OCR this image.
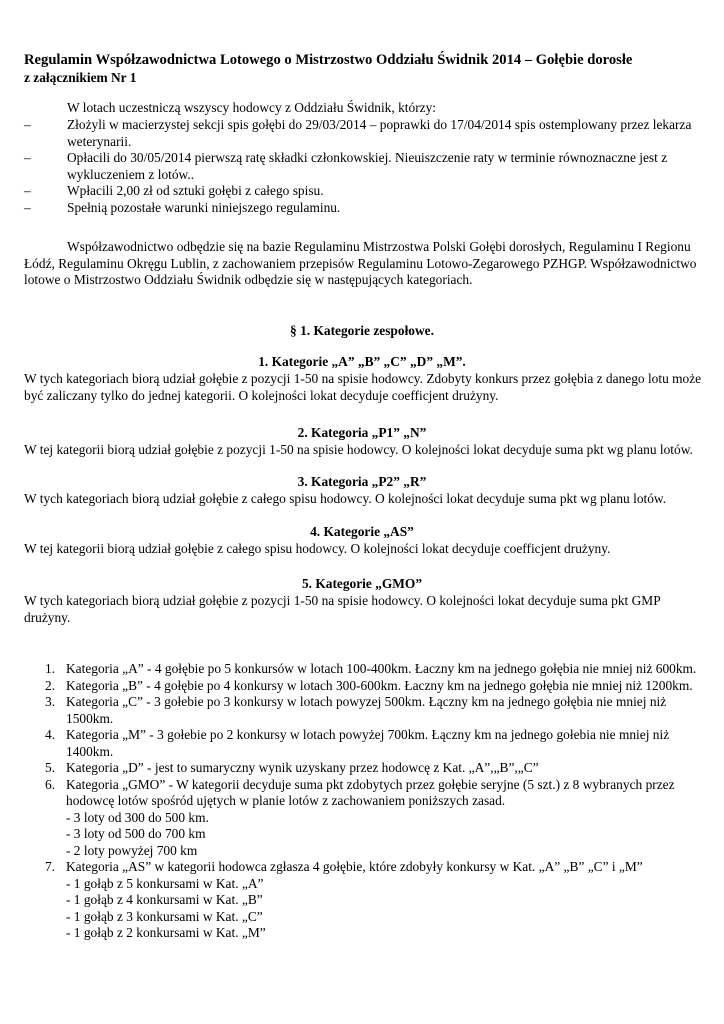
Regulamin Współzawodnictwa Lotowego o Mistrzostwo Oddziału Świdnik 2014 – Gołębie dorosłe
z załącznikiem Nr 1
W lotach uczestniczą wszyscy hodowcy z Oddziału Świdnik, którzy:
–	Złożyli w macierzystej sekcji spis gołębi do 29/03/2014 – poprawki do 17/04/2014 spis ostemplowany przez lekarza weterynarii.
–	Opłacili do 30/05/2014 pierwszą ratę składki członkowskiej. Nieuiszczenie raty w terminie równoznaczne jest z wykluczeniem z lotów..
–	Wpłacili 2,00 zł od sztuki gołębi z całego spisu.
–	Spełnią pozostałe warunki niniejszego regulaminu.
Współzawodnictwo odbędzie się na bazie Regulaminu Mistrzostwa Polski Gołębi dorosłych, Regulaminu I Regionu Łódź, Regulaminu Okręgu Lublin, z zachowaniem przepisów Regulaminu Lotowo-Zegarowego PZHGP. Współzawodnictwo lotowe o Mistrzostwo Oddziału Świdnik odbędzie się w następujących kategoriach.
§ 1. Kategorie zespołowe.
1. Kategorie „A” „B” „C” „D” „M”.
W tych kategoriach biorą udział gołębie z pozycji 1-50 na spisie hodowcy. Zdobyty konkurs przez gołębia z danego lotu może być zaliczany tylko do jednej kategorii. O kolejności lokat decyduje coefficjent drużyny.
2. Kategoria „P1” „N”
W tej kategorii biorą udział gołębie z pozycji 1-50 na spisie hodowcy. O kolejności lokat decyduje suma pkt wg planu lotów.
3. Kategoria „P2” „R”
W tych kategoriach biorą udział gołębie z całego spisu hodowcy. O kolejności lokat decyduje suma pkt wg planu lotów.
4. Kategorie „AS”
W tej kategorii biorą udział gołębie z całego spisu hodowcy. O kolejności lokat decyduje coefficjent drużyny.
5. Kategorie „GMO”
W tych kategoriach biorą udział gołębie z pozycji 1-50 na spisie hodowcy. O kolejności lokat decyduje suma pkt GMP drużyny.
1. Kategoria „A” - 4 gołębie po 5 konkursów w lotach 100-400km. Łaczny km na jednego gołębia nie mniej niż 600km.
2. Kategoria „B” - 4 gołębie po 4 konkursy w lotach 300-600km. Łaczny km na jednego gołębia nie mniej niż 1200km.
3. Kategoria „C” - 3 gołebie po 3 konkursy w lotach powyzej 500km. Łączny km na jednego gołębia nie mniej niż 1500km.
4. Kategoria „M” - 3 gołebie po 2 konkursy w lotach powyżej 700km. Łączny km na jednego gołebia nie mniej niż 1400km.
5. Kategoria „D” - jest to sumaryczny wynik uzyskany przez hodowcę z Kat. „A”,„B”,„C”
6. Kategoria „GMO” - W kategorii decyduje suma pkt zdobytych przez gołębie seryjne (5 szt.) z 8 wybranych przez hodowcę lotów spośród ujętych w planie lotów z zachowaniem poniższych zasad.
- 3 loty od 300 do 500 km.
- 3 loty od 500 do 700 km
- 2 loty powyżej 700 km
7. Kategoria „AS” w kategorii hodowca zgłasza 4 gołębie, które zdobyły konkursy w Kat. „A” „B” „C” i „M”
- 1 gołąb z 5 konkursami w Kat. „A”
- 1 gołąb z 4 konkursami w Kat. „B”
- 1 gołąb z 3 konkursami w Kat. „C”
- 1 gołąb z 2 konkursami w Kat. „M”
